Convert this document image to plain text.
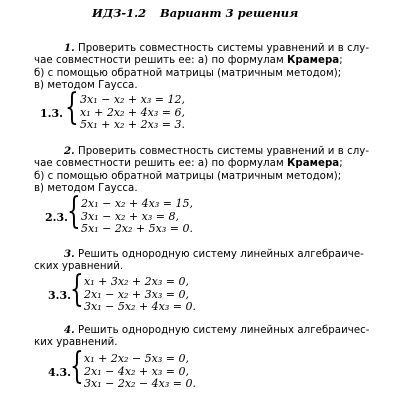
ИДЗ-1.2 Вариант 3 решения
1. Проверить совместность системы уравнений и в слу-
чае совместности решить ее: а) по формулам Крамера;
б) с помощью обратной матрицы (матричным методом);
в) методом Гаусса.
1.3. { 3x₁ − x₂ + x₃ = 12,
x₁ + 2x₂ + 4x₃ = 6,
5x₁ + x₂ + 2x₃ = 3.
2. Проверить совместность системы уравнений и в слу-
чае совместности решить ее: а) по формулам Крамера;
б) с помощью обратной матрицы (матричным методом);
в) методом Гаусса.
2.3. { 2x₁ − x₂ + 4x₃ = 15,
3x₁ − x₂ + x₃ = 8,
5x₁ − 2x₂ + 5x₃ = 0.
3. Решить однородную систему линейных алгебраиче-
ских уравнений.
3.3. { x₁ + 3x₂ + 2x₃ = 0,
2x₁ − x₂ + 3x₃ = 0,
3x₁ − 5x₂ + 4x₃ = 0.
4. Решить однородную систему линейных алгебраичес-
ких уравнений.
4.3. { x₁ + 2x₂ − 5x₃ = 0,
2x₁ − 4x₂ + x₃ = 0,
3x₁ − 2x₂ − 4x₃ = 0.
